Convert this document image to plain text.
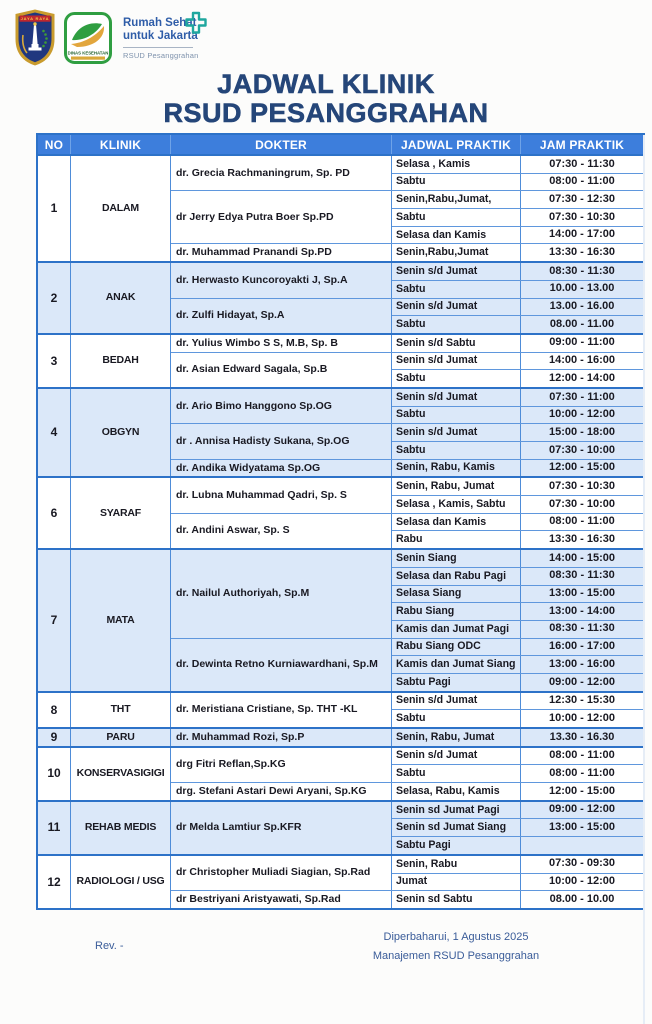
JAYA RAYA
DINAS KESEHATAN
Rumah Sehat
untuk Jakarta
RSUD Pesanggrahan
JADWAL KLINIK
RSUD PESANGGRAHAN
NO	KLINIK	DOKTER	JADWAL PRAKTIK	JAM PRAKTIK
1	DALAM	dr. Grecia Rachmaningrum, Sp. PD	Selasa , Kamis	07:30 - 11:30
			Sabtu	08:00 - 11:00
		dr Jerry Edya Putra Boer Sp.PD	Senin,Rabu,Jumat,	07:30 - 12:30
			Sabtu	07:30 - 10:30
			Selasa dan Kamis	14:00 - 17:00
		dr. Muhammad Pranandi Sp.PD	Senin,Rabu,Jumat	13:30 - 16:30
2	ANAK	dr. Herwasto Kuncoroyakti J, Sp.A	Senin s/d Jumat	08:30 - 11:30
			Sabtu	10.00 - 13.00
		dr. Zulfi Hidayat, Sp.A	Senin s/d Jumat	13.00 - 16.00
			Sabtu	08.00 - 11.00
3	BEDAH	dr. Yulius Wimbo S S, M.B, Sp. B	Senin s/d Sabtu	09:00 - 11:00
		dr. Asian Edward Sagala, Sp.B	Senin s/d Jumat	14:00 - 16:00
			Sabtu	12:00 - 14:00
4	OBGYN	dr. Ario Bimo Hanggono Sp.OG	Senin s/d Jumat	07:30 - 11:00
			Sabtu	10:00 - 12:00
		dr . Annisa Hadisty Sukana, Sp.OG	Senin s/d Jumat	15:00 - 18:00
			Sabtu	07:30 - 10:00
		dr. Andika Widyatama Sp.OG	Senin, Rabu, Kamis	12:00 - 15:00
6	SYARAF	dr. Lubna Muhammad Qadri, Sp. S	Senin, Rabu, Jumat	07:30 - 10:30
			Selasa , Kamis, Sabtu	07:30 - 10:00
		dr. Andini Aswar, Sp. S	Selasa dan Kamis	08:00 - 11:00
			Rabu	13:30 - 16:30
7	MATA	dr. Nailul Authoriyah, Sp.M	Senin Siang	14:00 - 15:00
			Selasa dan Rabu Pagi	08:30 - 11:30
			Selasa Siang	13:00 - 15:00
			Rabu Siang	13:00 - 14:00
			Kamis dan Jumat Pagi	08:30 - 11:30
		dr. Dewinta Retno Kurniawardhani, Sp.M	Rabu Siang ODC	16:00 - 17:00
			Kamis dan Jumat Siang	13:00 - 16:00
			Sabtu Pagi	09:00 - 12:00
8	THT	dr. Meristiana Cristiane, Sp. THT -KL	Senin s/d Jumat	12:30 - 15:30
			Sabtu	10:00 - 12:00
9	PARU	dr. Muhammad Rozi, Sp.P	Senin, Rabu, Jumat	13.30 - 16.30
10	KONSERVASIGIGI	drg Fitri Reflan,Sp.KG	Senin s/d Jumat	08:00 - 11:00
			Sabtu	08:00 - 11:00
		drg. Stefani Astari Dewi Aryani, Sp.KG	Selasa, Rabu, Kamis	12:00 - 15:00
11	REHAB MEDIS	dr Melda Lamtiur Sp.KFR	Senin sd Jumat Pagi	09:00 - 12:00
			Senin sd Jumat Siang	13:00 - 15:00
			Sabtu Pagi	
12	RADIOLOGI / USG	dr Christopher Muliadi Siagian, Sp.Rad	Senin, Rabu	07:30 - 09:30
			Jumat	10:00 - 12:00
		dr Bestriyani Aristyawati, Sp.Rad	Senin sd Sabtu	08.00 - 10.00
Rev. -
Diperbaharui, 1 Agustus 2025
Manajemen RSUD Pesanggrahan
